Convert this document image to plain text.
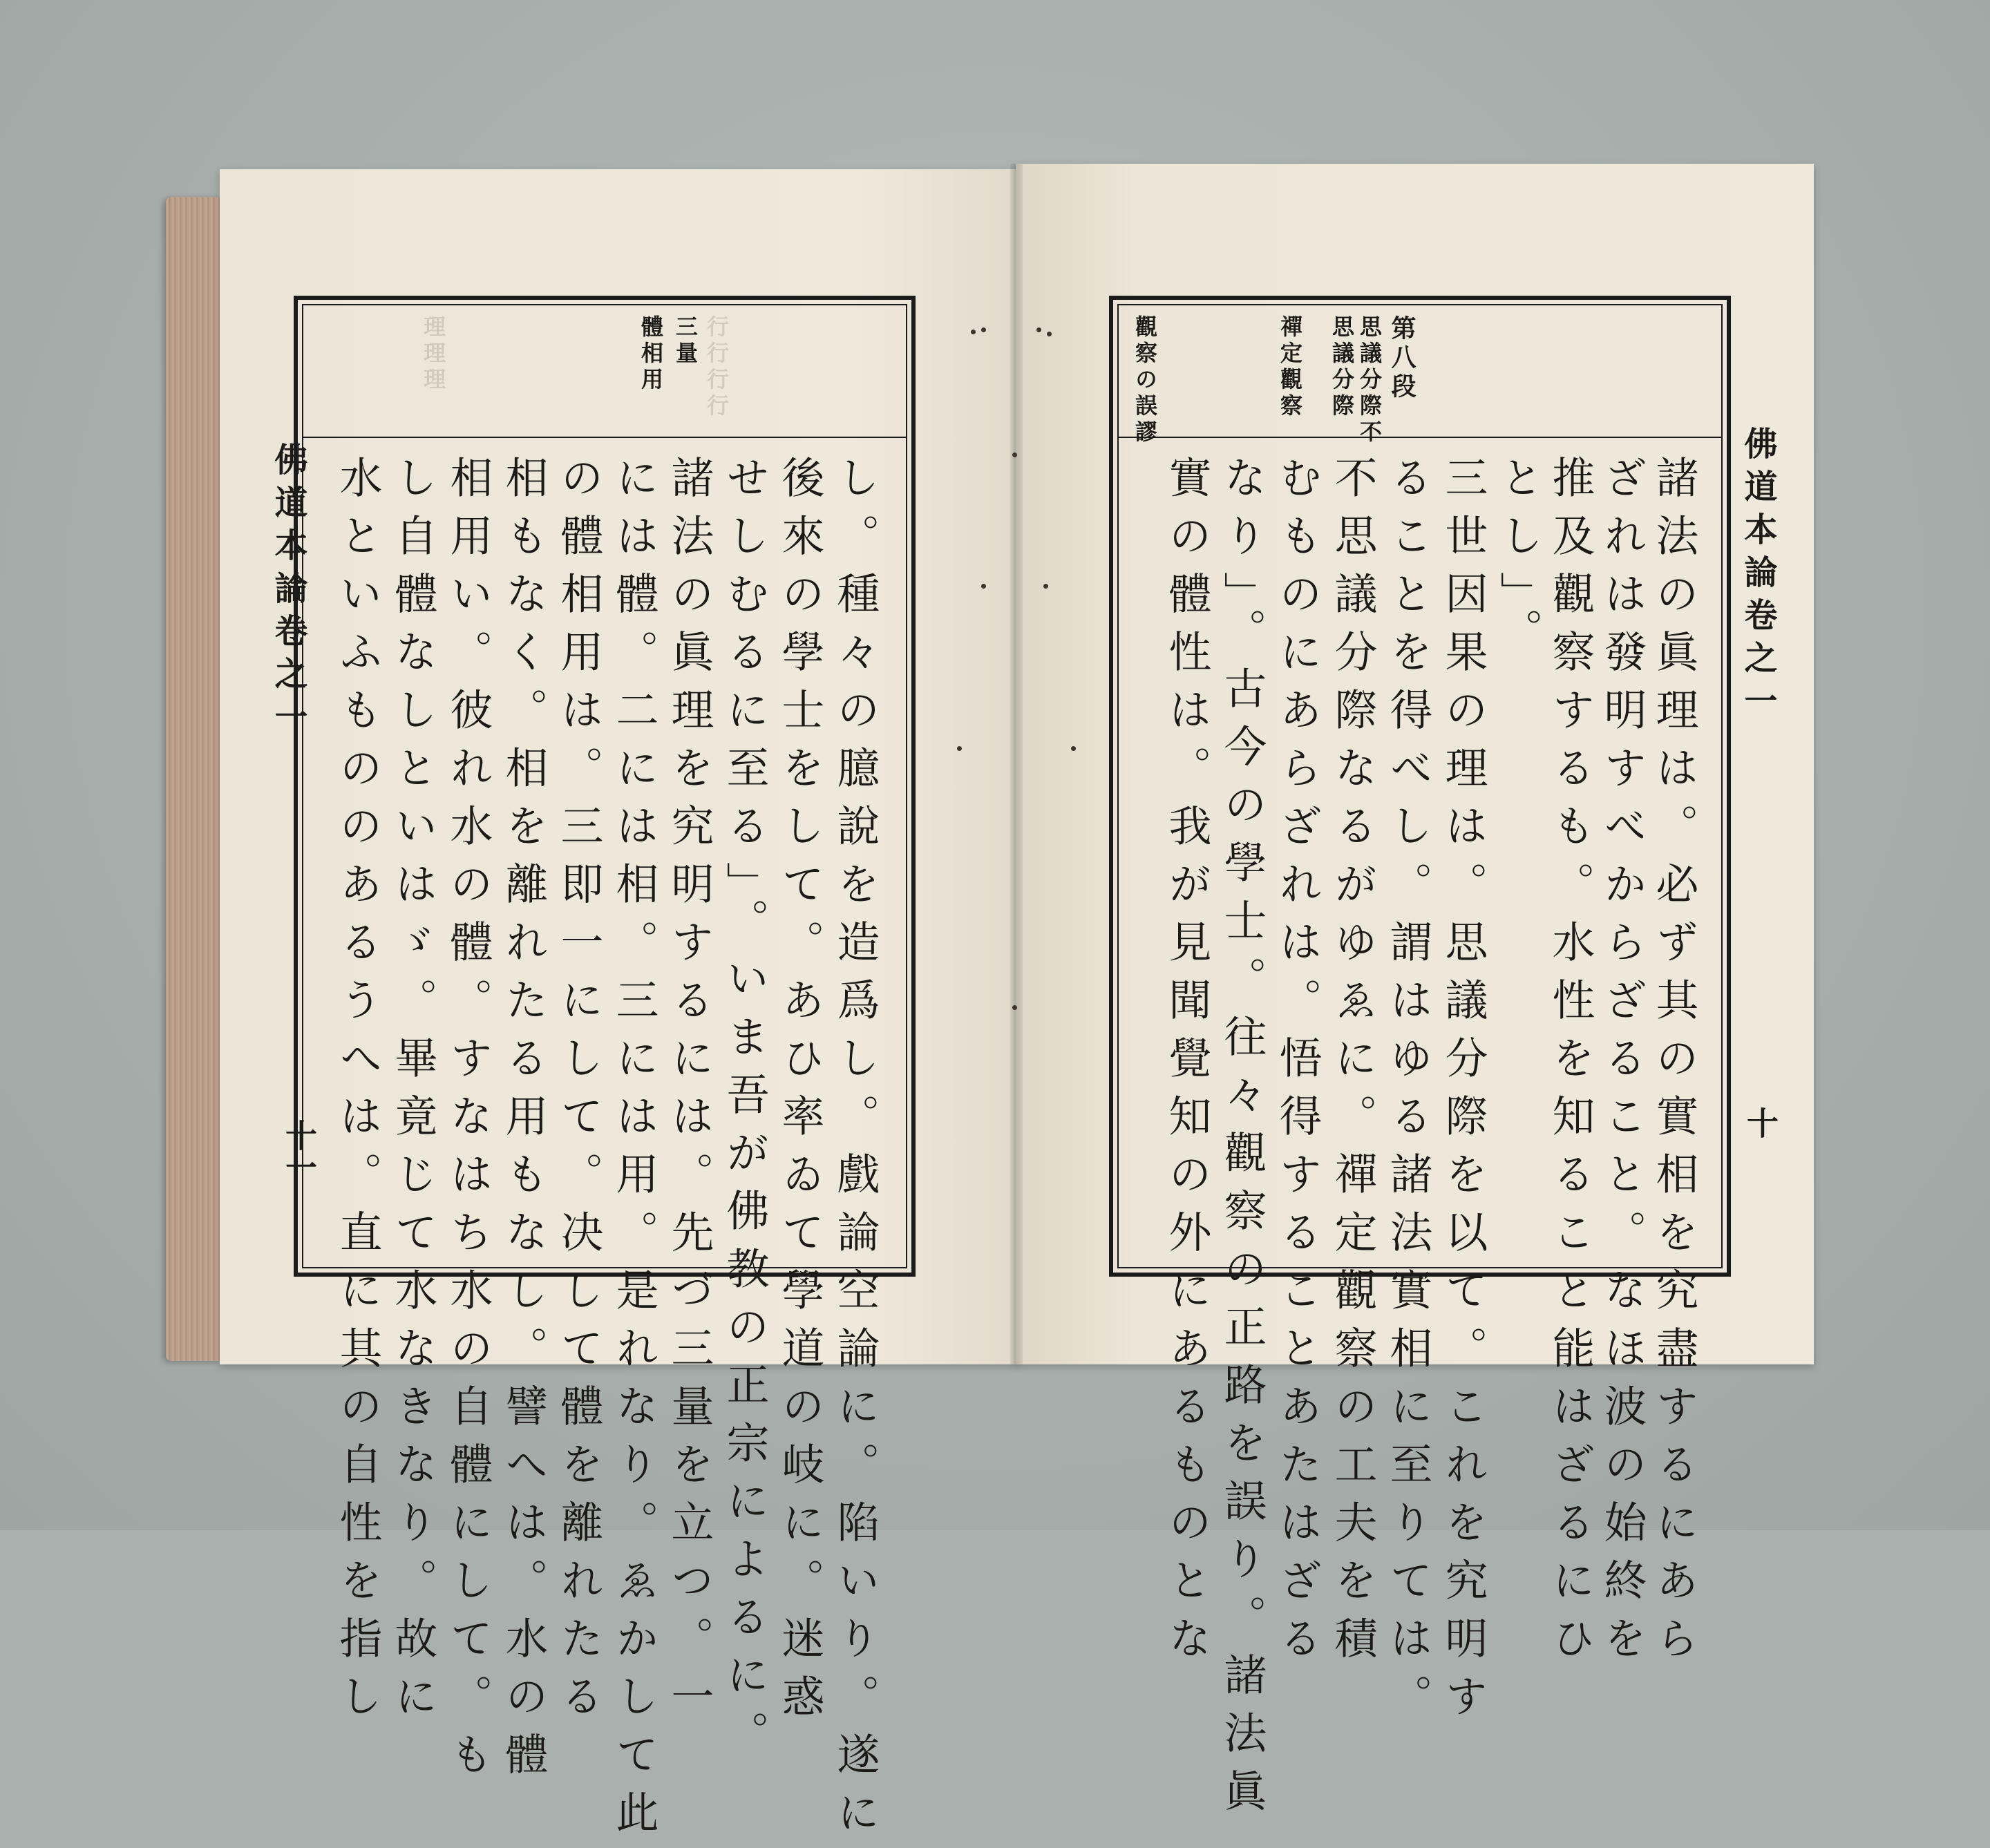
佛道本論卷之一
十一
佛道本論卷之一
十
行行行行
理理理	三量
體相用
し。種々の臆說を造爲し。戲論空論に。陷いり。遂に
後來の學士をして。あひ率ゐて學道の岐に。迷惑
せしむるに至る」。いま吾が佛教の正宗によるに。
諸法の眞理を究明するには。先づ三量を立つ。一
には體。二には相。三には用。是れなり。ゑかして此
の體相用は。三即一にして。决して體を離れたる
相もなく。相を離れたる用もなし。譬へは。水の體
相用い。彼れ水の體。すなはち水の自體にして。も
し自體なしといはゞ。畢竟じて水なきなり。故に
水といふもののあるうへは。直に其の自性を指し
第八段
思議分際不
思議分際
禪定觀察
觀察の誤謬
諸法の眞理は。必ず其の實相を究盡するにあら
ざれは發明すべからざること。なほ波の始終を
推及觀察するも。水性を知ること能はざるにひ
とし」。
三世因果の理は。思議分際を以て。これを究明す
ることを得べし。謂はゆる諸法實相に至りては。
不思議分際なるがゆゑに。禪定觀察の工夫を積
むものにあらざれは。悟得することあたはざる
なり」。古今の學士。往々觀察の正路を誤り。諸法眞
實の體性は。我が見聞覺知の外にあるものとな
